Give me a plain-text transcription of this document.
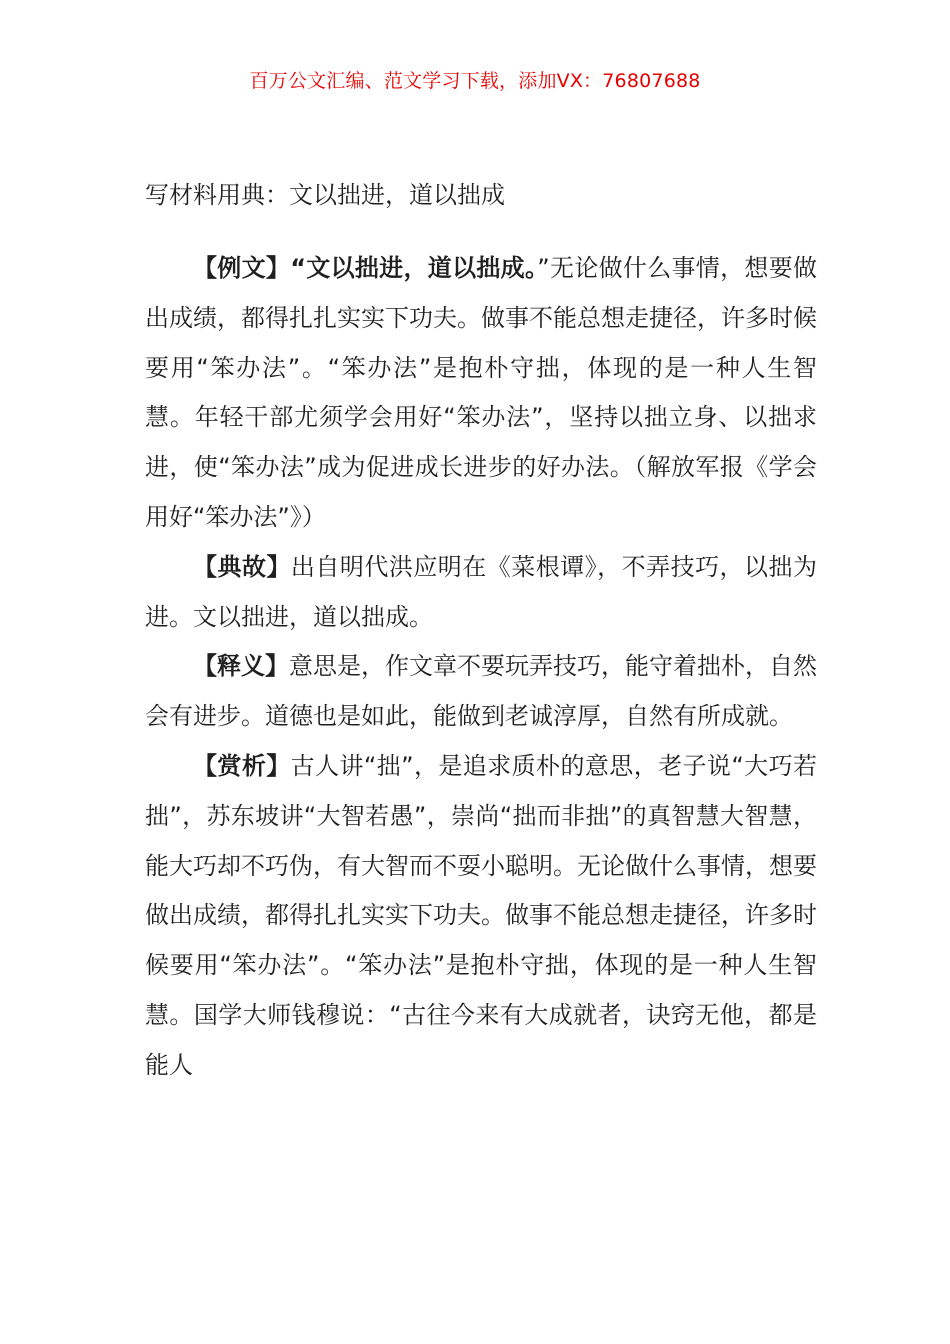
百万公文汇编、范文学习下载，添加VX：76807688
写材料用典：文以拙进，道以拙成

【例文】“文以拙进，道以拙成。”无论做什么事情，想要做出成绩，都得扎扎实实下功夫。做事不能总想走捷径，许多时候要用“笨办法”。“笨办法”是抱朴守拙，体现的是一种人生智慧。年轻干部尤须学会用好“笨办法”，坚持以拙立身、以拙求进，使“笨办法”成为促进成长进步的好办法。（解放军报《学会用好“笨办法”》）

【典故】出自明代洪应明在《菜根谭》，不弄技巧，以拙为进。文以拙进，道以拙成。

【释义】意思是，作文章不要玩弄技巧，能守着拙朴，自然会有进步。道德也是如此，能做到老诚淳厚，自然有所成就。

【赏析】古人讲“拙”，是追求质朴的意思，老子说“大巧若拙”，苏东坡讲“大智若愚”，崇尚“拙而非拙”的真智慧大智慧，能大巧却不巧伪，有大智而不耍小聪明。无论做什么事情，想要做出成绩，都得扎扎实实下功夫。做事不能总想走捷径，许多时候要用“笨办法”。“笨办法”是抱朴守拙，体现的是一种人生智慧。国学大师钱穆说：“古往今来有大成就者，诀窍无他，都是能人
